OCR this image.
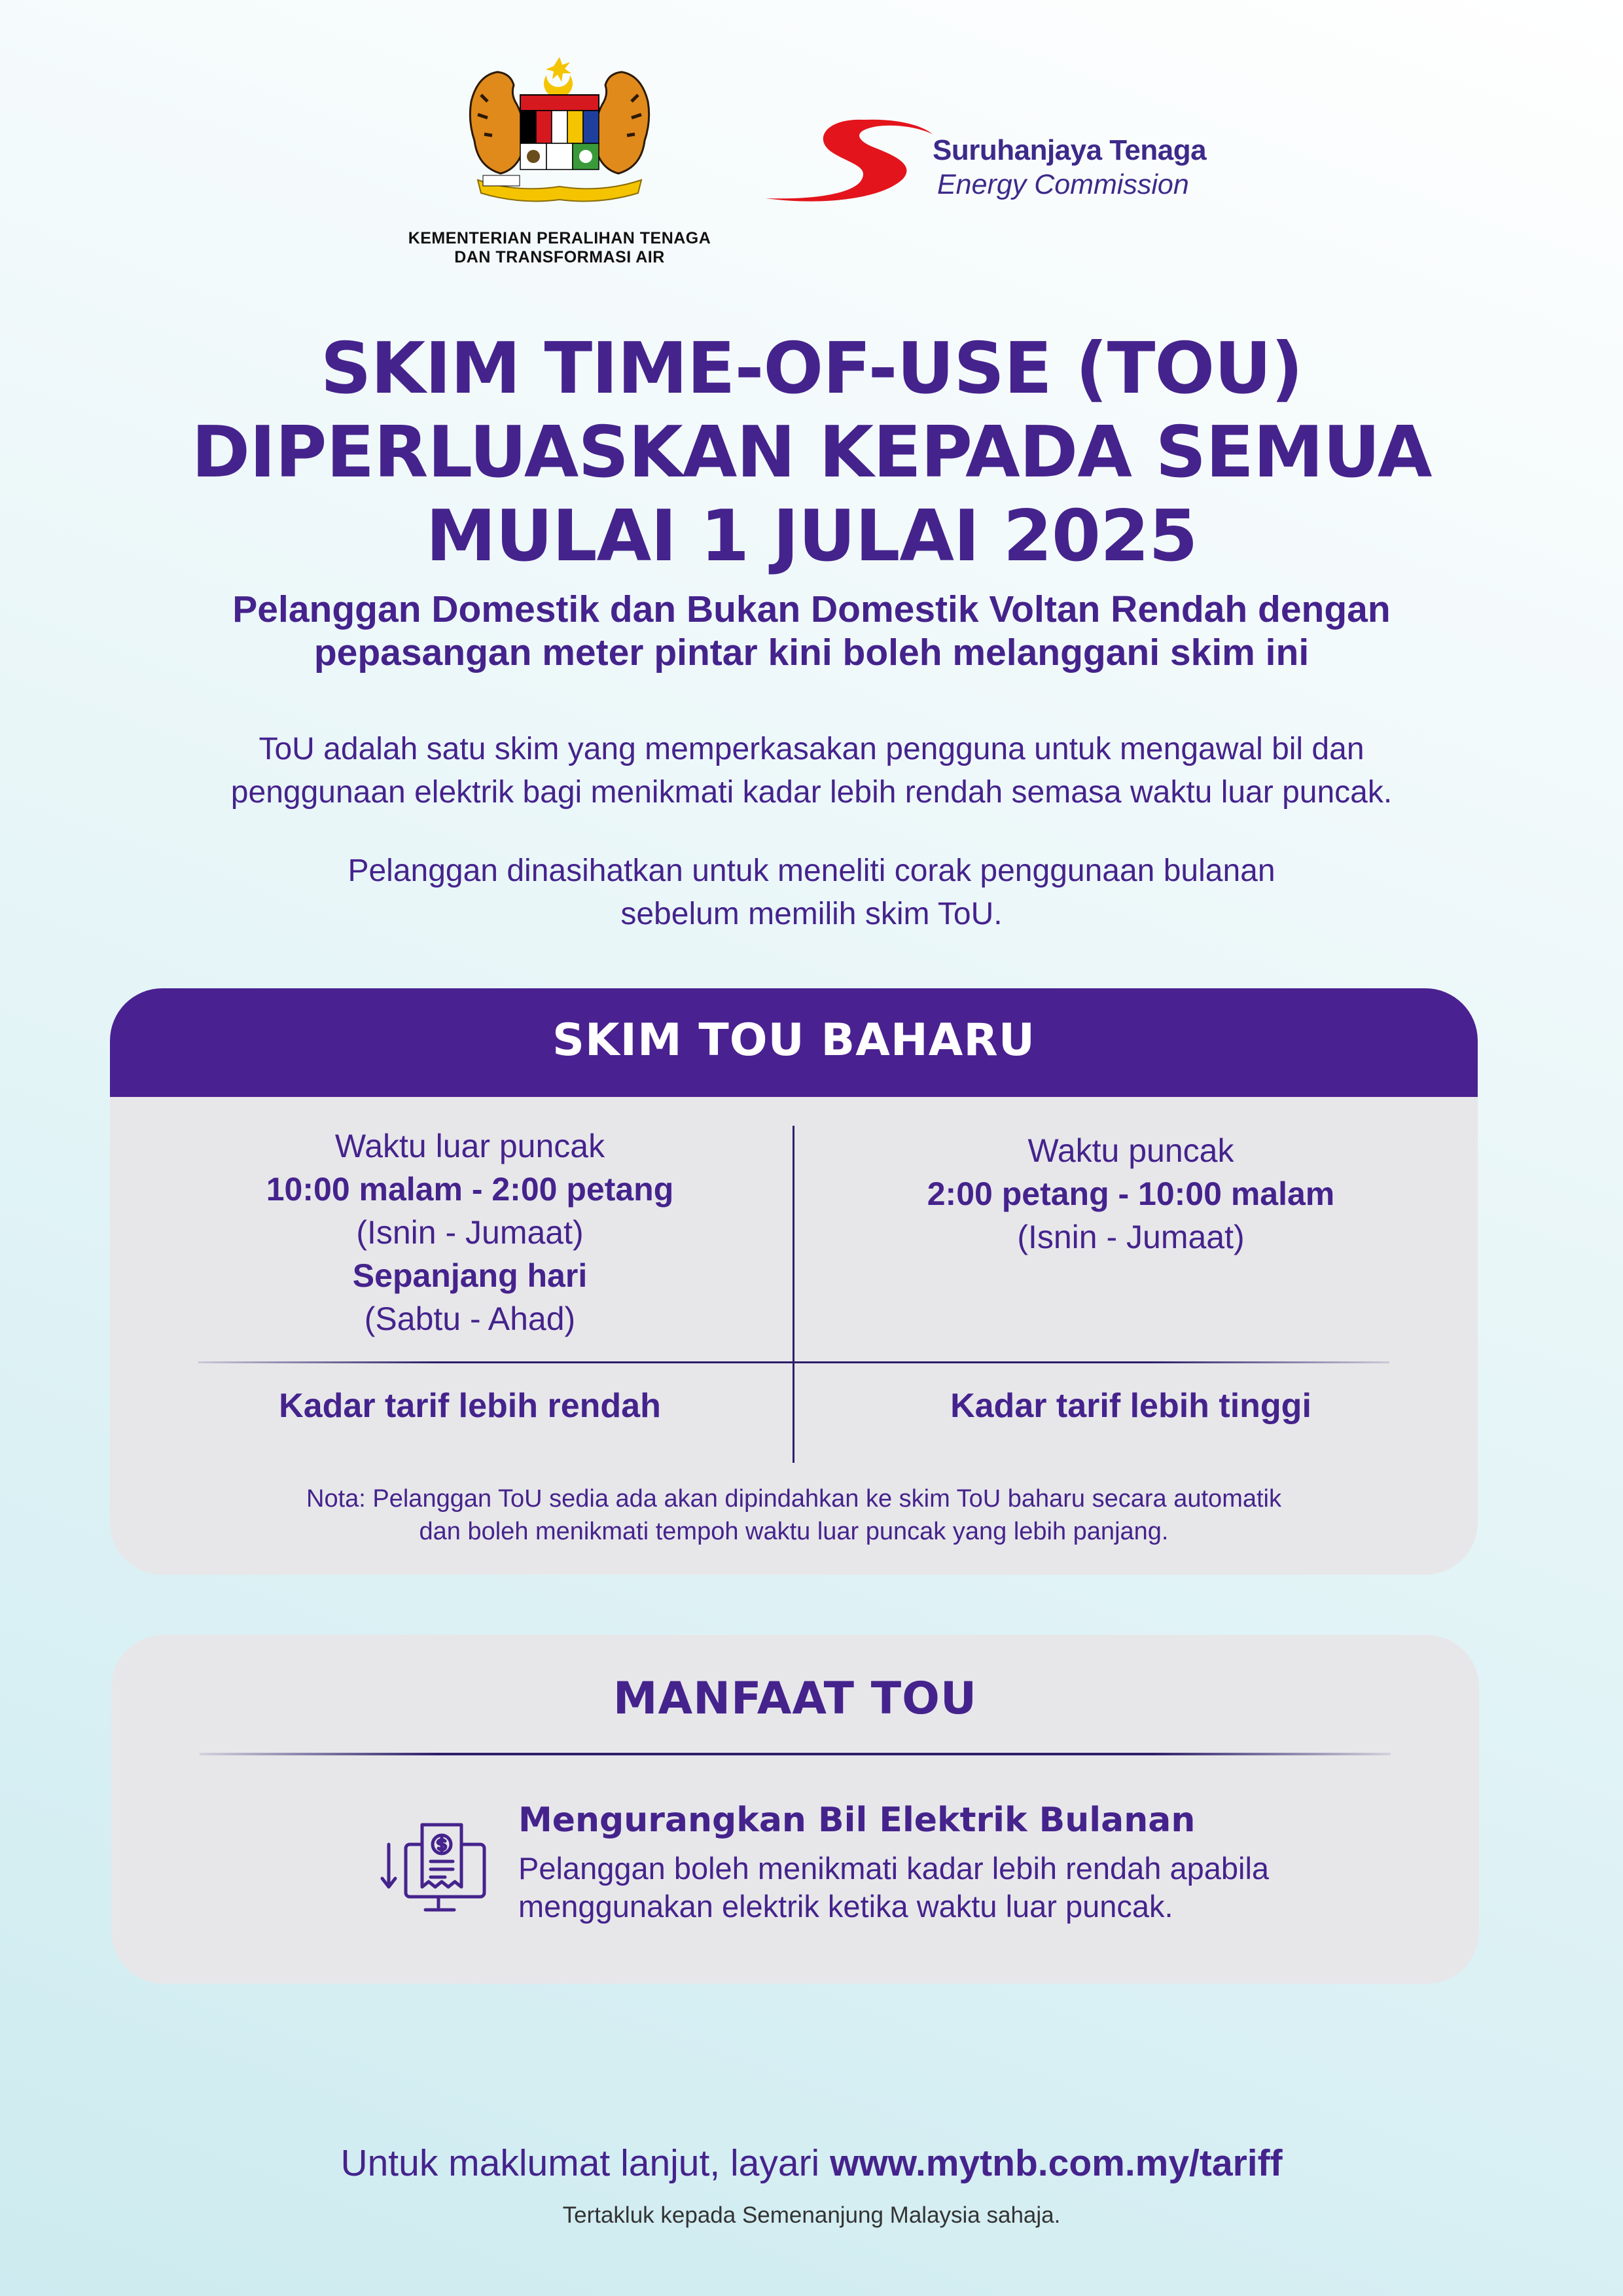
KEMENTERIAN PERALIHAN TENAGA
DAN TRANSFORMASI AIR
Suruhanjaya Tenaga
Energy Commission
SKIM TIME-OF-USE (TOU)
DIPERLUASKAN KEPADA SEMUA
MULAI 1 JULAI 2025
Pelanggan Domestik dan Bukan Domestik Voltan Rendah dengan
pepasangan meter pintar kini boleh melanggani skim ini
ToU adalah satu skim yang memperkasakan pengguna untuk mengawal bil dan
penggunaan elektrik bagi menikmati kadar lebih rendah semasa waktu luar puncak.
Pelanggan dinasihatkan untuk meneliti corak penggunaan bulanan
sebelum memilih skim ToU.
SKIM TOU BAHARU
Waktu luar puncak
10:00 malam - 2:00 petang
(Isnin - Jumaat)
Sepanjang hari
(Sabtu - Ahad)
Waktu puncak
2:00 petang - 10:00 malam
(Isnin - Jumaat)
Kadar tarif lebih rendah	Kadar tarif lebih tinggi
Nota: Pelanggan ToU sedia ada akan dipindahkan ke skim ToU baharu secara automatik
dan boleh menikmati tempoh waktu luar puncak yang lebih panjang.
MANFAAT TOU
Mengurangkan Bil Elektrik Bulanan
Pelanggan boleh menikmati kadar lebih rendah apabila
menggunakan elektrik ketika waktu luar puncak.
Untuk maklumat lanjut, layari www.mytnb.com.my/tariff
Tertakluk kepada Semenanjung Malaysia sahaja.
